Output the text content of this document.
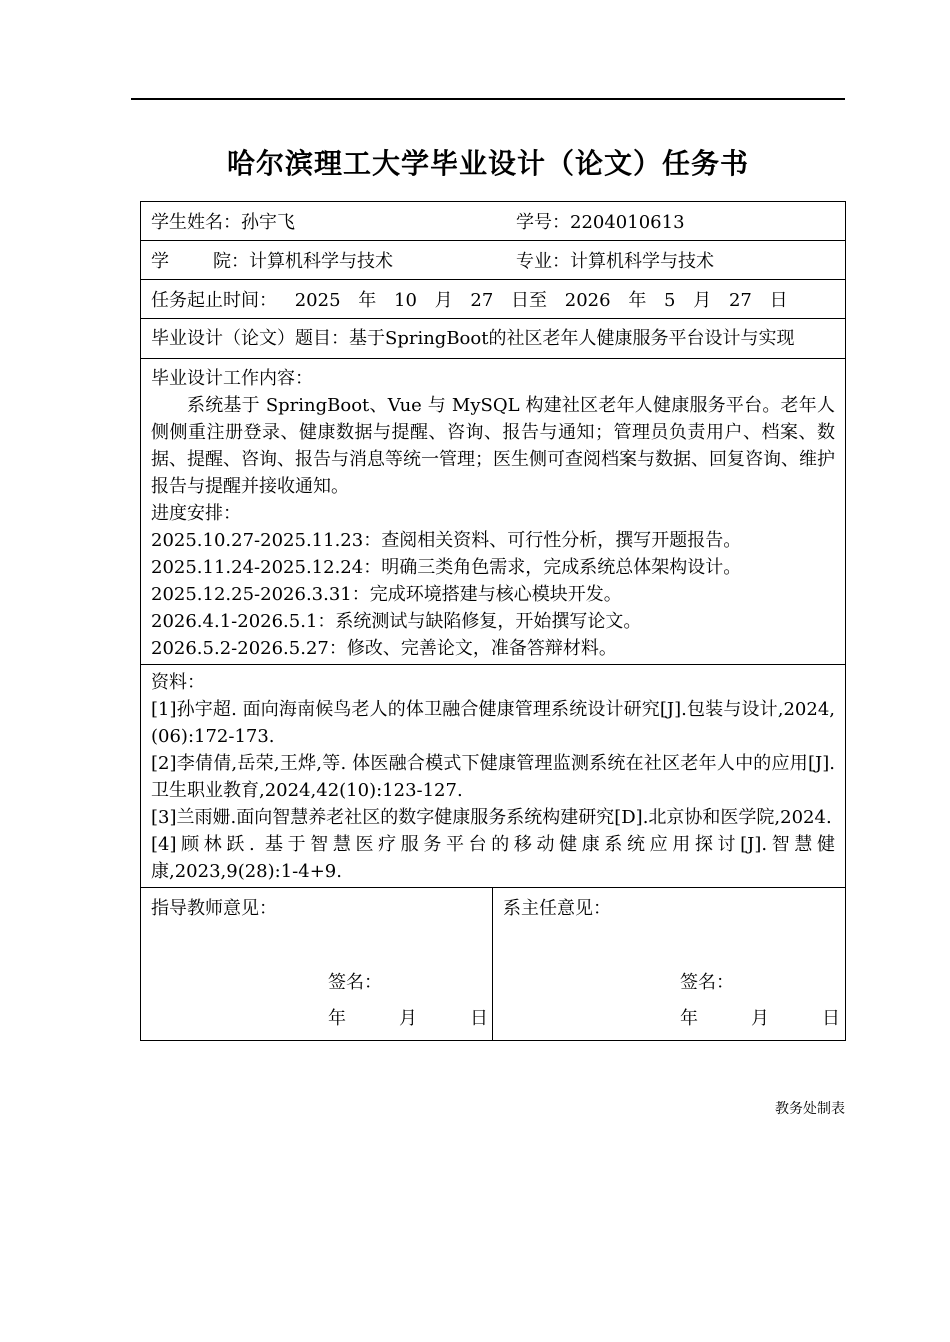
哈尔滨理工大学毕业设计（论文）任务书
学生姓名：孙宇飞	学号：2204010613

学 院：计算机科学与技术	专业：计算机科学与技术

任务起止时间： 2025 年 10 月 27 日至 2026 年 5 月 27 日
毕业设计（论文）题目：基于SpringBoot的社区老年人健康服务平台设计与实现

毕业设计工作内容：
系统基于 SpringBoot、Vue 与 MySQL 构建社区老年人健康服务平台。老年人侧侧重注册登录、健康数据与提醒、咨询、报告与通知；管理员负责用户、档案、数据、提醒、咨询、报告与消息等统一管理；医生侧可查阅档案与数据、回复咨询、维护报告与提醒并接收通知。
进度安排：
2025.10.27-2025.11.23：查阅相关资料、可行性分析，撰写开题报告。
2025.11.24-2025.12.24：明确三类角色需求，完成系统总体架构设计。
2025.12.25-2026.3.31：完成环境搭建与核心模块开发。
2026.4.1-2026.5.1：系统测试与缺陷修复，开始撰写论文。
2026.5.2-2026.5.27：修改、完善论文，准备答辩材料。

资料：
[1]孙宇超. 面向海南候鸟老人的体卫融合健康管理系统设计研究[J].包装与设计,2024,(06):172-173.
[2]李倩倩,岳荣,王烨,等. 体医融合模式下健康管理监测系统在社区老年人中的应用[J].卫生职业教育,2024,42(10):123-127.
[3]兰雨姗.面向智慧养老社区的数字健康服务系统构建研究[D].北京协和医学院,2024.
[4]顾林跃. 基于智慧医疗服务平台的移动健康系统应用探讨[J].智慧健康,2023,9(28):1-4+9.

指导教师意见：
签名：
年	月	日

系主任意见：
签名：
年	月	日
教务处制表
